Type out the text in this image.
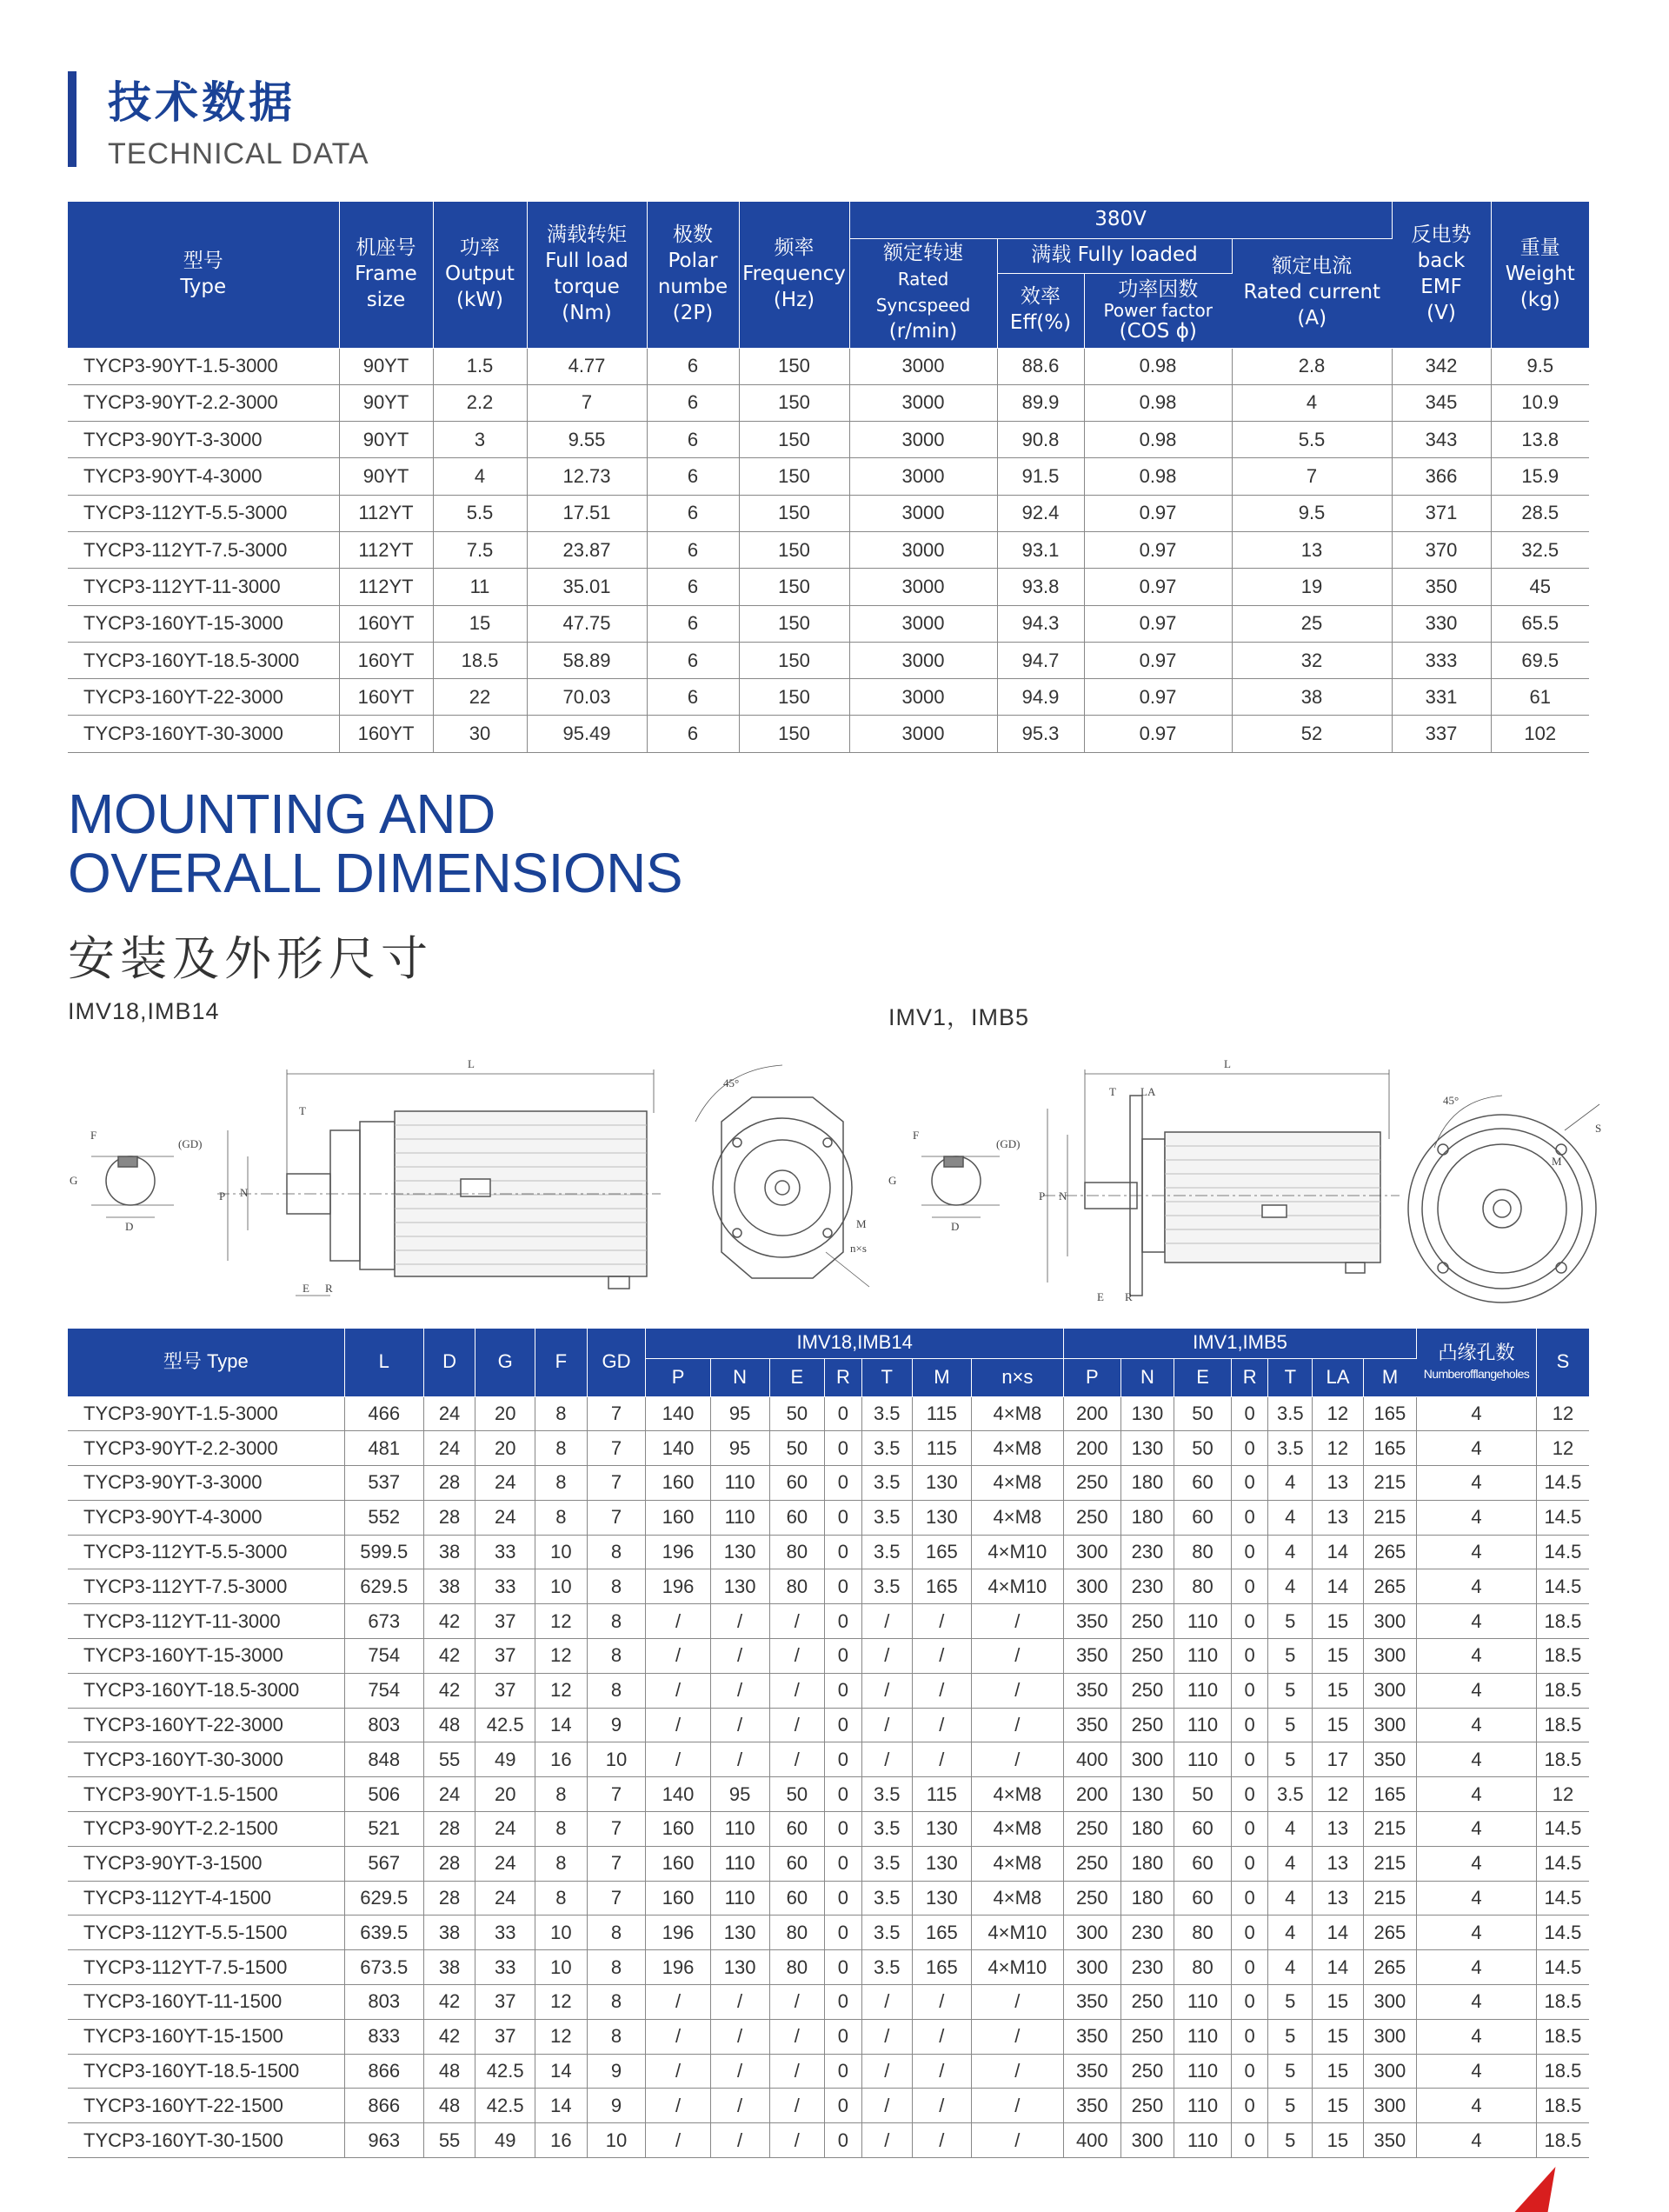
技术数据
TECHNICAL DATA
型号
Type	机座号
Frame
size	功率
Output
(kW)	满载转矩
Full load
torque
(Nm)	极数
Polar
numbe
(2P)	频率
Frequency
(Hz)	380V				反电势
back
EMF
(V)	重量
Weight
(kg)
						额定转速
Rated Syncspeed
(r/min)	满载 Fully loaded		额定电流
Rated current
(A)		
							效率
Eff(%)	功率因数
Power factor
(COS ϕ)			
TYCP3-90YT-1.5-3000	90YT	1.5	4.77	6	150	3000	88.6	0.98	2.8	342	9.5
TYCP3-90YT-2.2-3000	90YT	2.2	7	6	150	3000	89.9	0.98	4	345	10.9
TYCP3-90YT-3-3000	90YT	3	9.55	6	150	3000	90.8	0.98	5.5	343	13.8
TYCP3-90YT-4-3000	90YT	4	12.73	6	150	3000	91.5	0.98	7	366	15.9
TYCP3-112YT-5.5-3000	112YT	5.5	17.51	6	150	3000	92.4	0.97	9.5	371	28.5
TYCP3-112YT-7.5-3000	112YT	7.5	23.87	6	150	3000	93.1	0.97	13	370	32.5
TYCP3-112YT-11-3000	112YT	11	35.01	6	150	3000	93.8	0.97	19	350	45
TYCP3-160YT-15-3000	160YT	15	47.75	6	150	3000	94.3	0.97	25	330	65.5
TYCP3-160YT-18.5-3000	160YT	18.5	58.89	6	150	3000	94.7	0.97	32	333	69.5
TYCP3-160YT-22-3000	160YT	22	70.03	6	150	3000	94.9	0.97	38	331	61
TYCP3-160YT-30-3000	160YT	30	95.49	6	150	3000	95.3	0.97	52	337	102
MOUNTING AND
OVERALL DIMENSIONS
安装及外形尺寸
IMV18,IMB14	IMV1，IMB5
L
T
F
(GD)
G
D
P N
E R
45°
M
n×s
L
T LA
F
(GD)
G
D
P N
E R
45°
M
S
型号 Type	L	D	G	F	GD	IMV18,IMB14							IMV1,IMB5							凸缘孔数
Numberofflangeholes	S
						P	N	E	R	T	M	n×s	P	N	E	R	T	LA	M		
TYCP3-90YT-1.5-3000	466	24	20	8	7	140	95	50	0	3.5	115	4×M8	200	130	50	0	3.5	12	165	4	12
TYCP3-90YT-2.2-3000	481	24	20	8	7	140	95	50	0	3.5	115	4×M8	200	130	50	0	3.5	12	165	4	12
TYCP3-90YT-3-3000	537	28	24	8	7	160	110	60	0	3.5	130	4×M8	250	180	60	0	4	13	215	4	14.5
TYCP3-90YT-4-3000	552	28	24	8	7	160	110	60	0	3.5	130	4×M8	250	180	60	0	4	13	215	4	14.5
TYCP3-112YT-5.5-3000	599.5	38	33	10	8	196	130	80	0	3.5	165	4×M10	300	230	80	0	4	14	265	4	14.5
TYCP3-112YT-7.5-3000	629.5	38	33	10	8	196	130	80	0	3.5	165	4×M10	300	230	80	0	4	14	265	4	14.5
TYCP3-112YT-11-3000	673	42	37	12	8	/	/	/	0	/	/	/	350	250	110	0	5	15	300	4	18.5
TYCP3-160YT-15-3000	754	42	37	12	8	/	/	/	0	/	/	/	350	250	110	0	5	15	300	4	18.5
TYCP3-160YT-18.5-3000	754	42	37	12	8	/	/	/	0	/	/	/	350	250	110	0	5	15	300	4	18.5
TYCP3-160YT-22-3000	803	48	42.5	14	9	/	/	/	0	/	/	/	350	250	110	0	5	15	300	4	18.5
TYCP3-160YT-30-3000	848	55	49	16	10	/	/	/	0	/	/	/	400	300	110	0	5	17	350	4	18.5
TYCP3-90YT-1.5-1500	506	24	20	8	7	140	95	50	0	3.5	115	4×M8	200	130	50	0	3.5	12	165	4	12
TYCP3-90YT-2.2-1500	521	28	24	8	7	160	110	60	0	3.5	130	4×M8	250	180	60	0	4	13	215	4	14.5
TYCP3-90YT-3-1500	567	28	24	8	7	160	110	60	0	3.5	130	4×M8	250	180	60	0	4	13	215	4	14.5
TYCP3-112YT-4-1500	629.5	28	24	8	7	160	110	60	0	3.5	130	4×M8	250	180	60	0	4	13	215	4	14.5
TYCP3-112YT-5.5-1500	639.5	38	33	10	8	196	130	80	0	3.5	165	4×M10	300	230	80	0	4	14	265	4	14.5
TYCP3-112YT-7.5-1500	673.5	38	33	10	8	196	130	80	0	3.5	165	4×M10	300	230	80	0	4	14	265	4	14.5
TYCP3-160YT-11-1500	803	42	37	12	8	/	/	/	0	/	/	/	350	250	110	0	5	15	300	4	18.5
TYCP3-160YT-15-1500	833	42	37	12	8	/	/	/	0	/	/	/	350	250	110	0	5	15	300	4	18.5
TYCP3-160YT-18.5-1500	866	48	42.5	14	9	/	/	/	0	/	/	/	350	250	110	0	5	15	300	4	18.5
TYCP3-160YT-22-1500	866	48	42.5	14	9	/	/	/	0	/	/	/	350	250	110	0	5	15	300	4	18.5
TYCP3-160YT-30-1500	963	55	49	16	10	/	/	/	0	/	/	/	400	300	110	0	5	15	350	4	18.5
